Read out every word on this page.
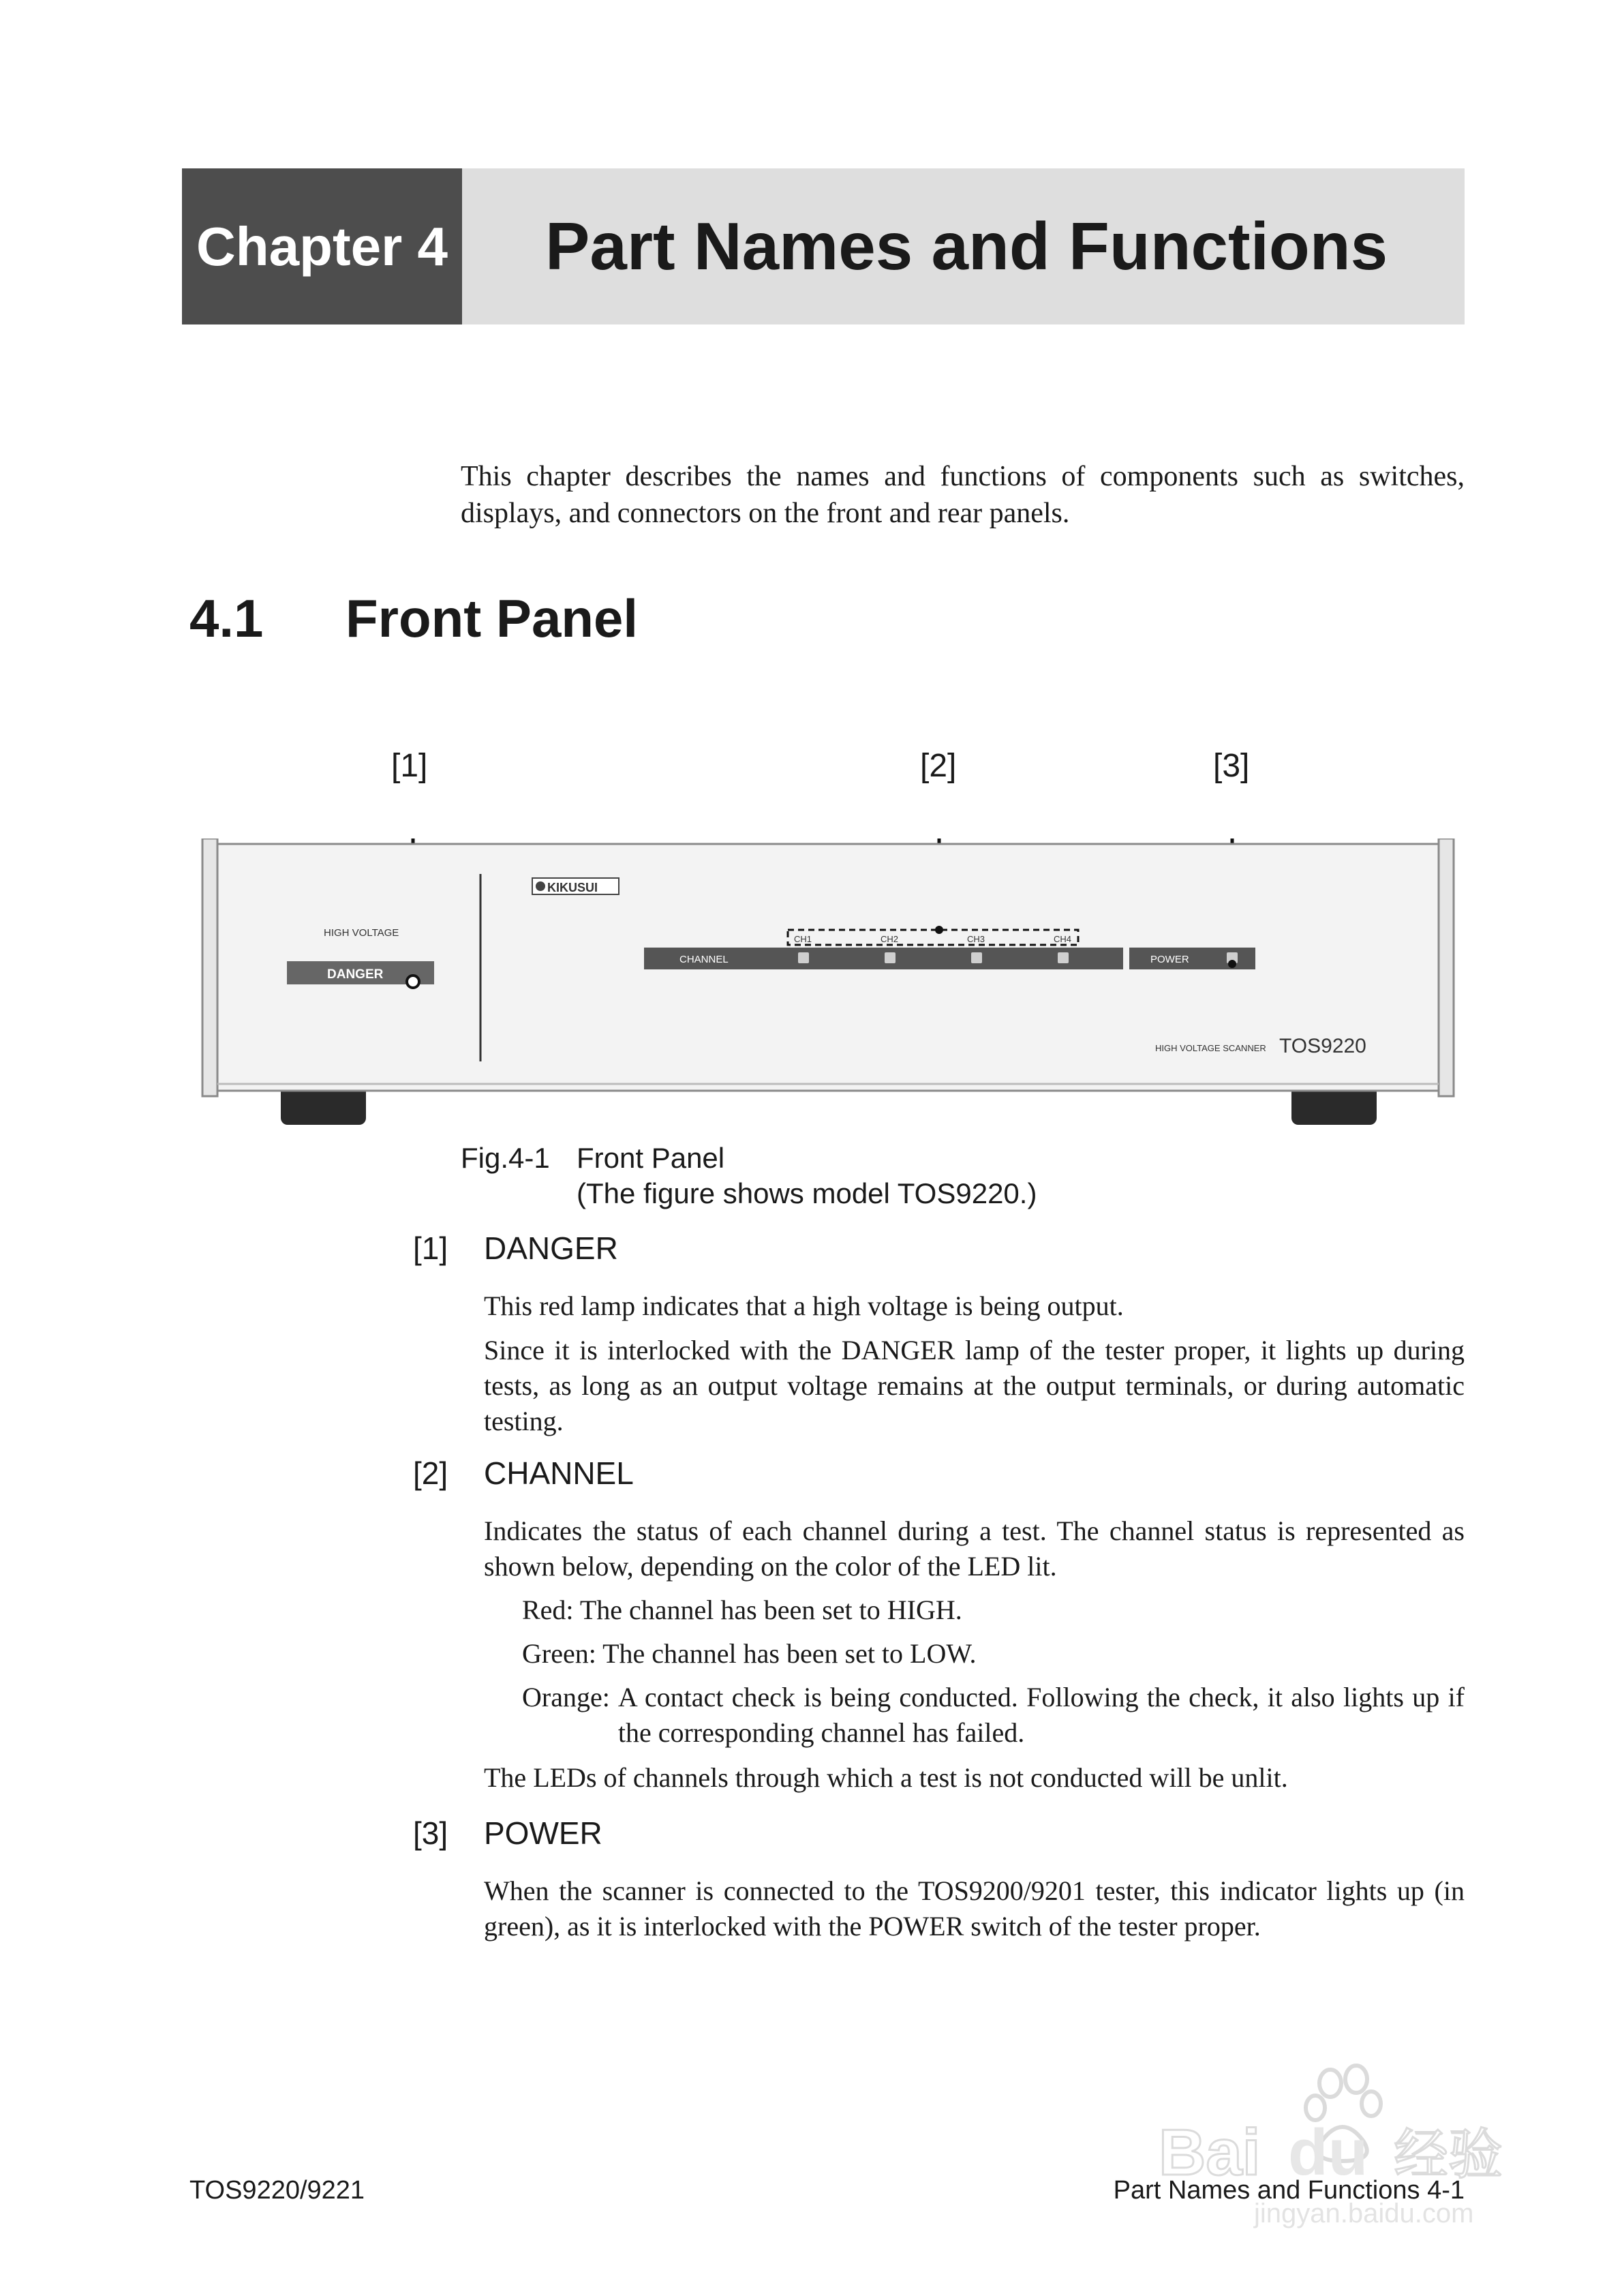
Chapter 4 Part Names and Functions
This chapter describes the names and functions of components such as switches, displays, and connectors on the front and rear panels.
4.1 Front Panel
[1]	[2]	[3]
HIGH VOLTAGE
DANGER
KIKUSUI
CH1	CH2	CH3	CH4
CHANNEL	POWER
HIGH VOLTAGE SCANNER TOS9220
Fig.4-1 Front Panel
(The figure shows model TOS9220.)
[1] DANGER
This red lamp indicates that a high voltage is being output.
Since it is interlocked with the DANGER lamp of the tester proper, it lights up during tests, as long as an output voltage remains at the output terminals, or during automatic testing.
[2] CHANNEL
Indicates the status of each channel during a test. The channel status is represented as shown below, depending on the color of the LED lit.
Red: The channel has been set to HIGH.
Green: The channel has been set to LOW.
Orange: A contact check is being conducted. Following the check, it also lights up if the corresponding channel has failed.
The LEDs of channels through which a test is not conducted will be unlit.
[3] POWER
When the scanner is connected to the TOS9200/9201 tester, this indicator lights up (in green), as it is interlocked with the POWER switch of the tester proper.
TOS9220/9221	Part Names and Functions 4-1
Bai du 经验
jingyan.baidu.com
